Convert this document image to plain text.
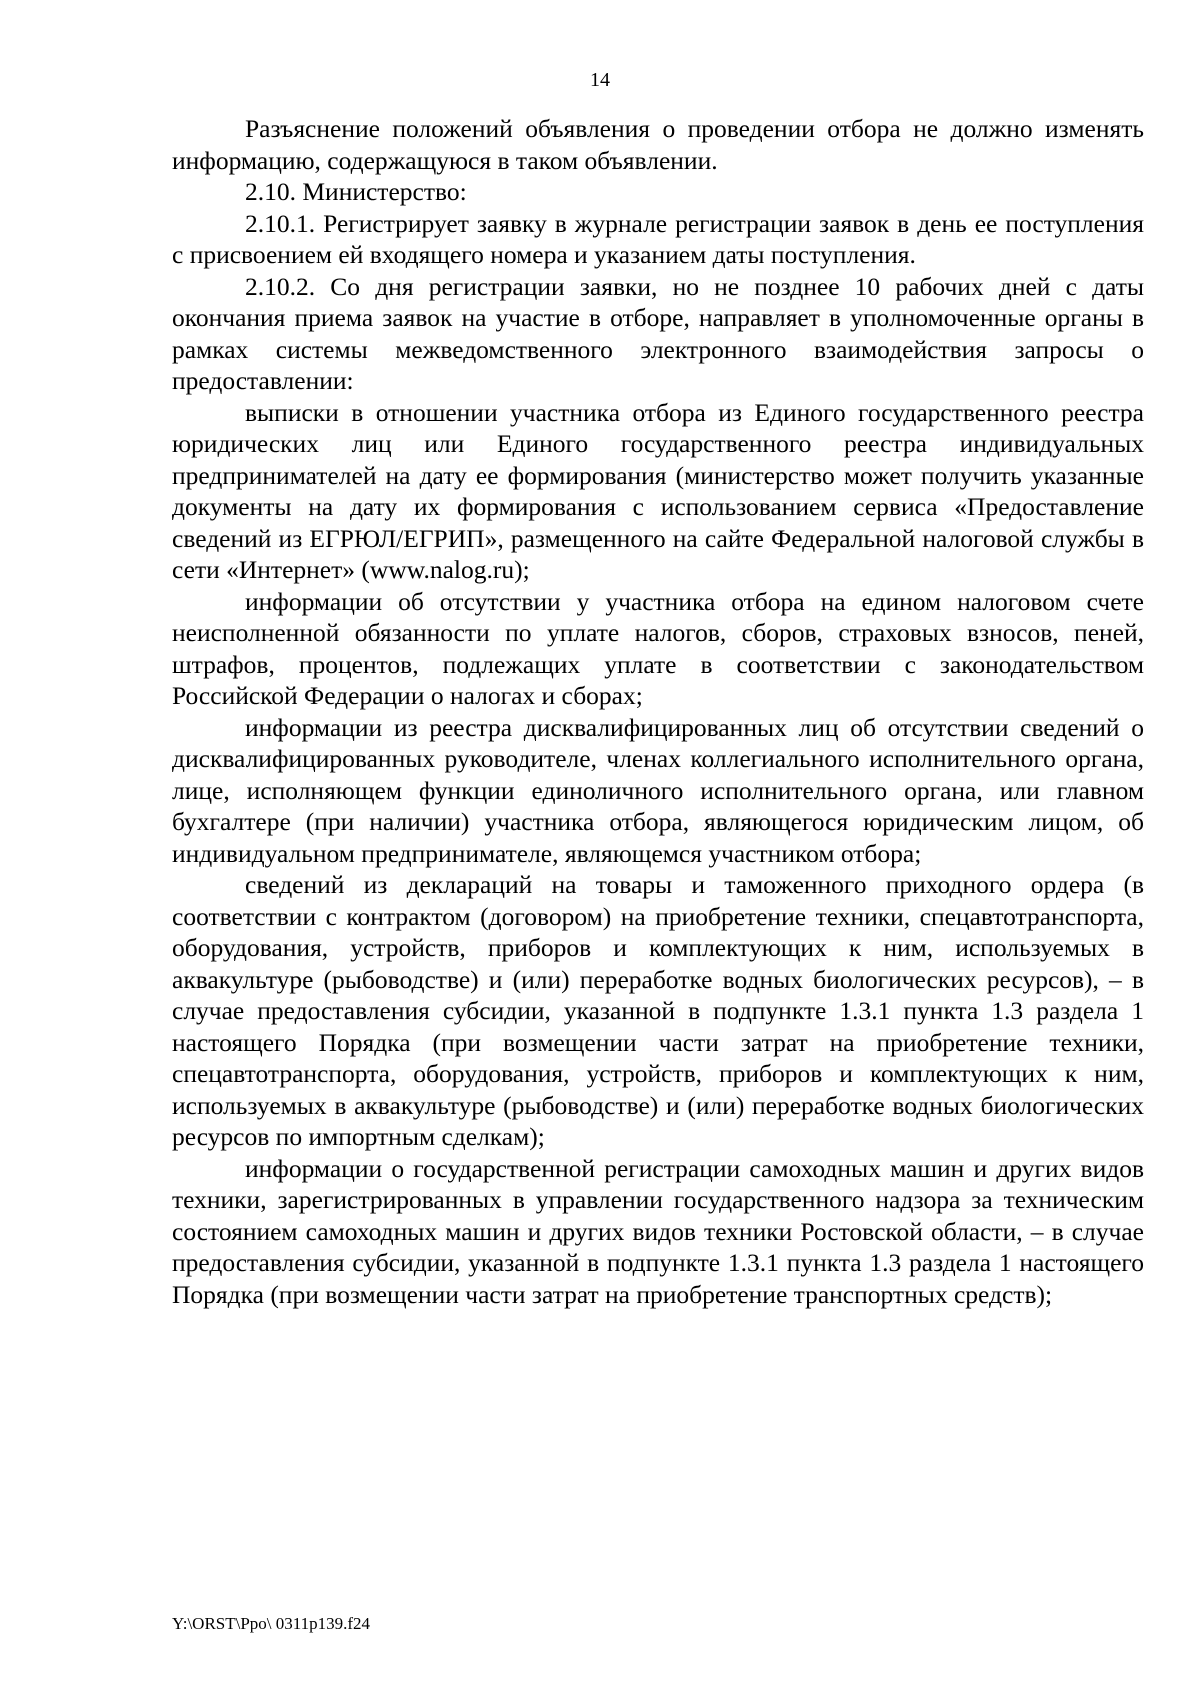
14

Разъяснение положений объявления о проведении отбора не должно изменять информацию, содержащуюся в таком объявлении.

2.10. Министерство:

2.10.1. Регистрирует заявку в журнале регистрации заявок в день ее поступления с присвоением ей входящего номера и указанием даты поступления.

2.10.2. Со дня регистрации заявки, но не позднее 10 рабочих дней с даты окончания приема заявок на участие в отборе, направляет в уполномоченные органы в рамках системы межведомственного электронного взаимодействия запросы о предоставлении:

выписки в отношении участника отбора из Единого государственного реестра юридических лиц или Единого государственного реестра индивидуальных предпринимателей на дату ее формирования (министерство может получить указанные документы на дату их формирования с использованием сервиса «Предоставление сведений из ЕГРЮЛ/ЕГРИП», размещенного на сайте Федеральной налоговой службы в сети «Интернет» (www.nalog.ru);

информации об отсутствии у участника отбора на едином налоговом счете неисполненной обязанности по уплате налогов, сборов, страховых взносов, пеней, штрафов, процентов, подлежащих уплате в соответствии с законодательством Российской Федерации о налогах и сборах;

информации из реестра дисквалифицированных лиц об отсутствии сведений о дисквалифицированных руководителе, членах коллегиального исполнительного органа, лице, исполняющем функции единоличного исполнительного органа, или главном бухгалтере (при наличии) участника отбора, являющегося юридическим лицом, об индивидуальном предпринимателе, являющемся участником отбора;

сведений из деклараций на товары и таможенного приходного ордера (в соответствии с контрактом (договором) на приобретение техники, спецавтотранспорта, оборудования, устройств, приборов и комплектующих к ним, используемых в аквакультуре (рыбоводстве) и (или) переработке водных биологических ресурсов), – в случае предоставления субсидии, указанной в подпункте 1.3.1 пункта 1.3 раздела 1 настоящего Порядка (при возмещении части затрат на приобретение техники, спецавтотранспорта, оборудования, устройств, приборов и комплектующих к ним, используемых в аквакультуре (рыбоводстве) и (или) переработке водных биологических ресурсов по импортным сделкам);

информации о государственной регистрации самоходных машин и других видов техники, зарегистрированных в управлении государственного надзора за техническим состоянием самоходных машин и других видов техники Ростовской области, – в случае предоставления субсидии, указанной в подпункте 1.3.1 пункта 1.3 раздела 1 настоящего Порядка (при возмещении части затрат на приобретение транспортных средств);

Y:\ORST\Ppo\ 0311p139.f24
